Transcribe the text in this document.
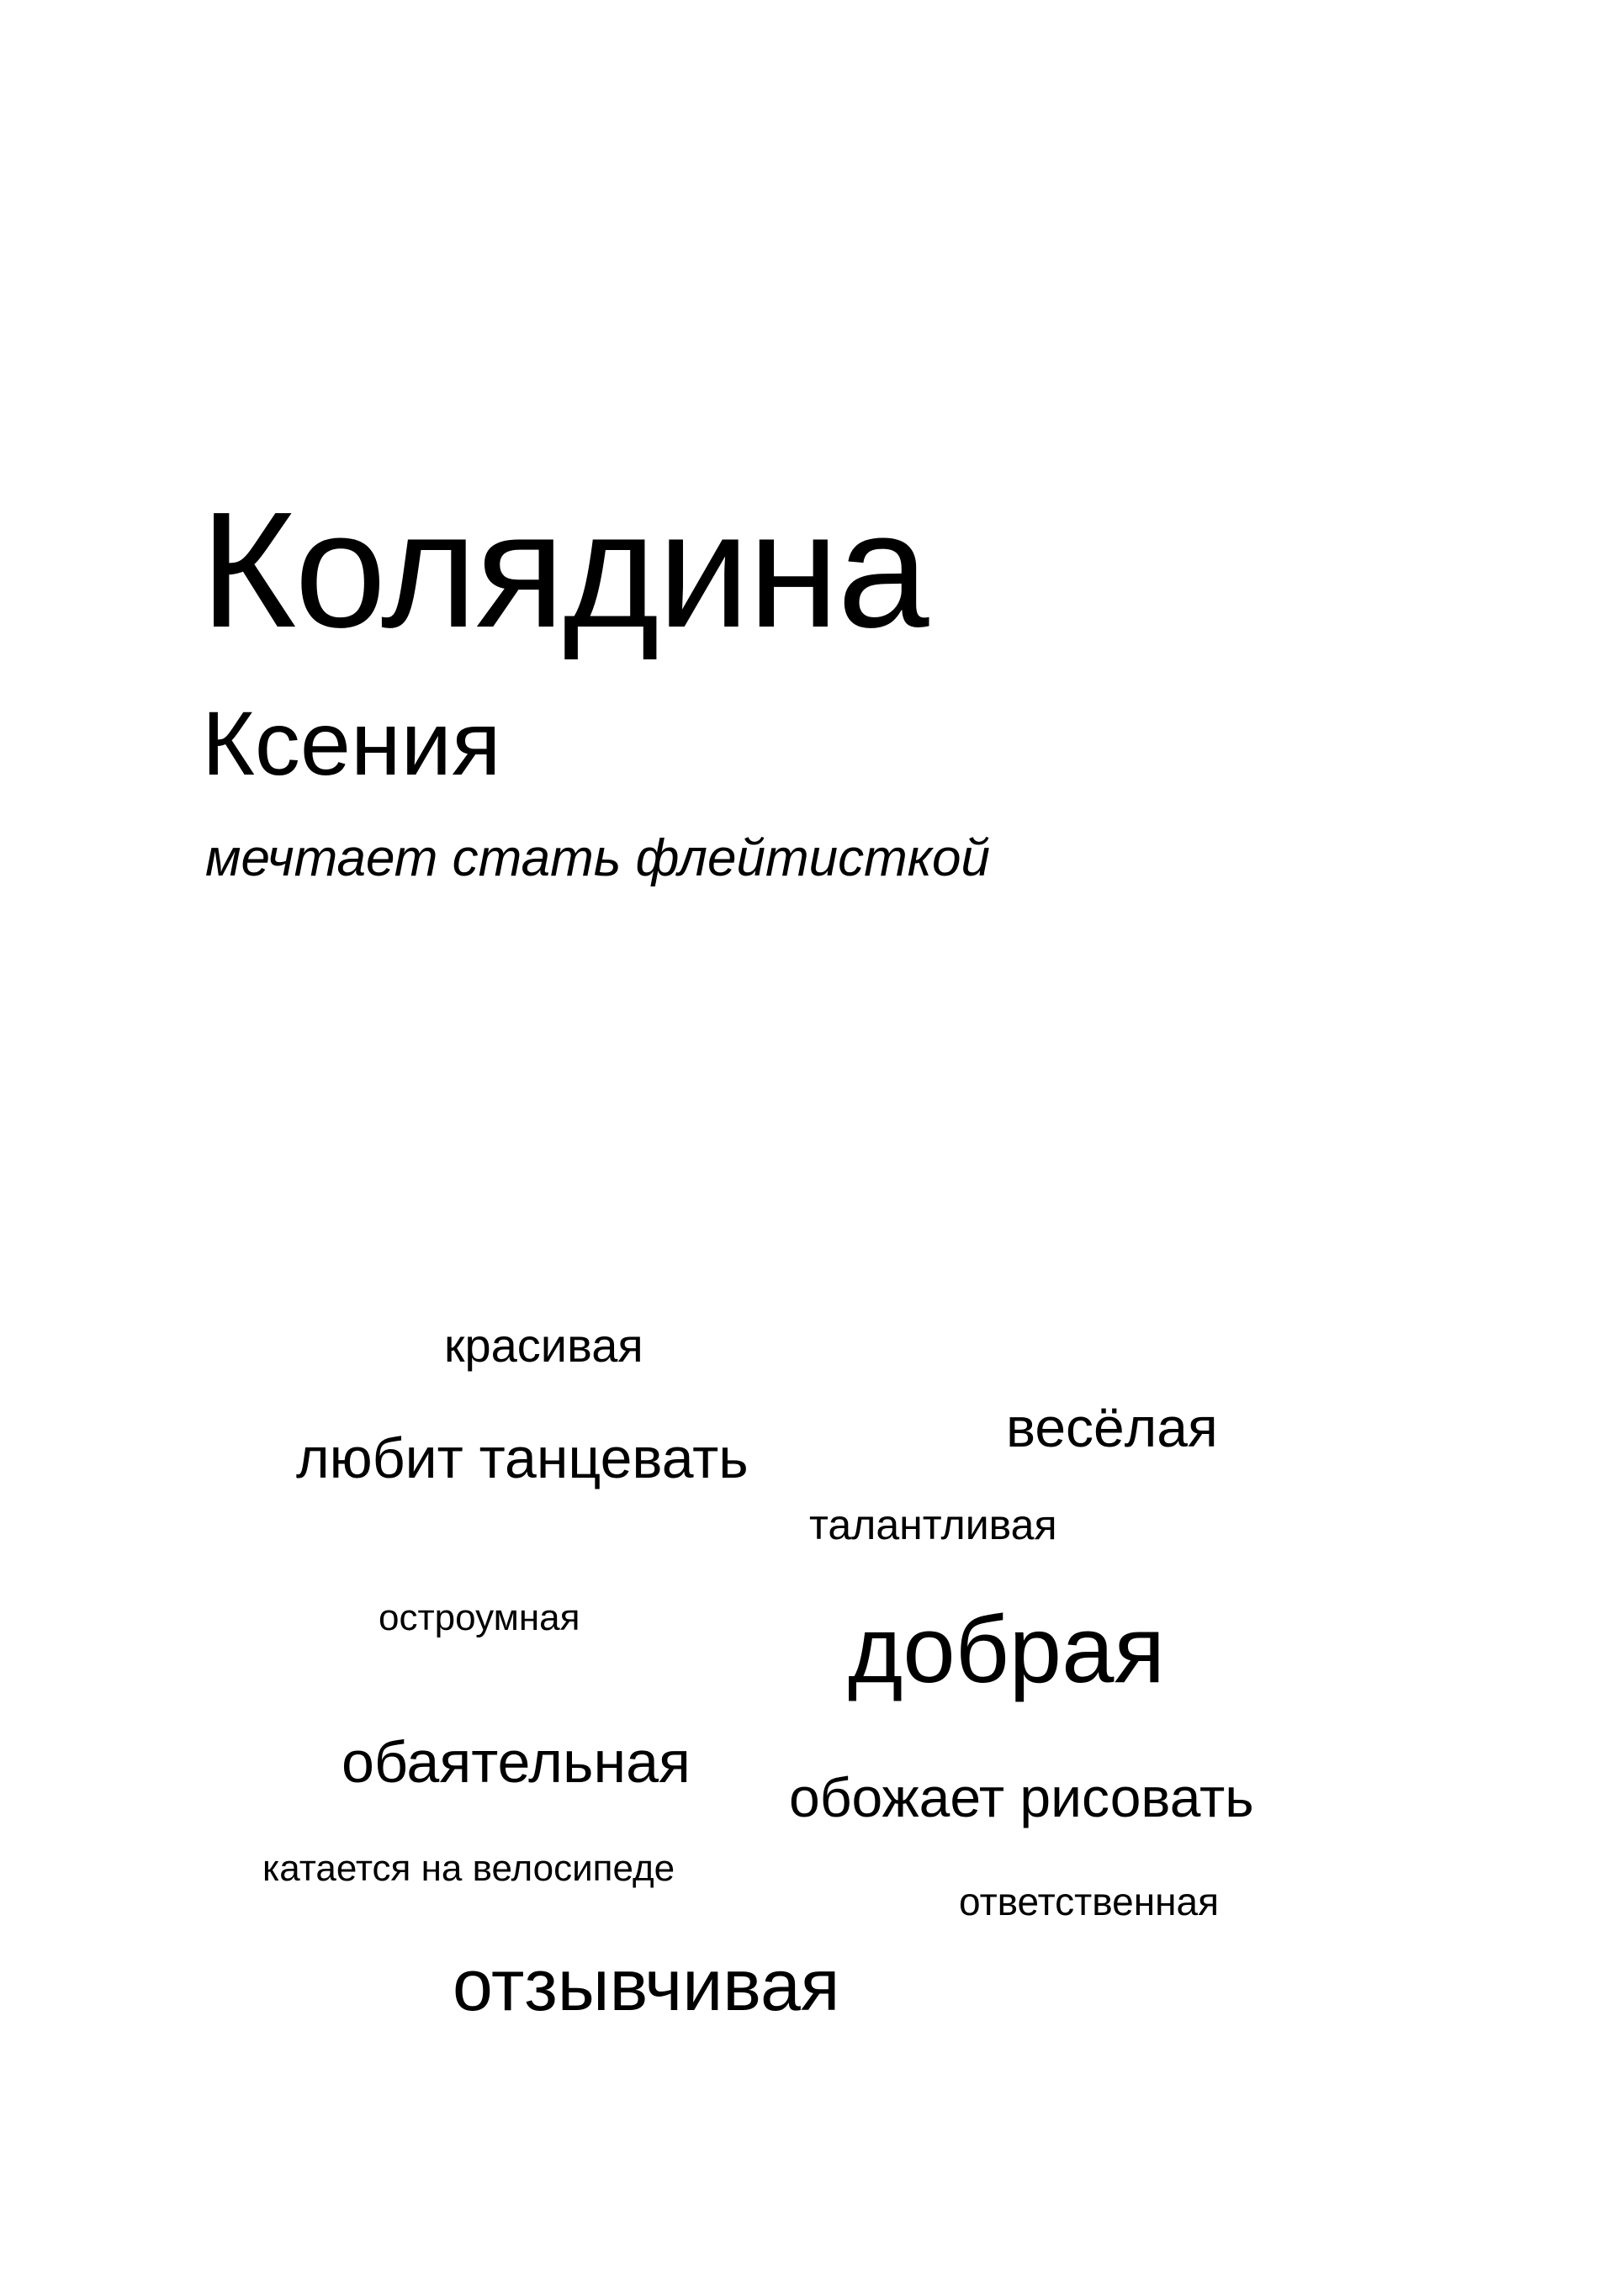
Колядина
Ксения
мечтает стать флейтисткой
красивая
любит танцевать	весёлая
талантливая
остроумная	добрая
обаятельная
обожает рисовать
катается на велосипеде
ответственная
отзывчивая
